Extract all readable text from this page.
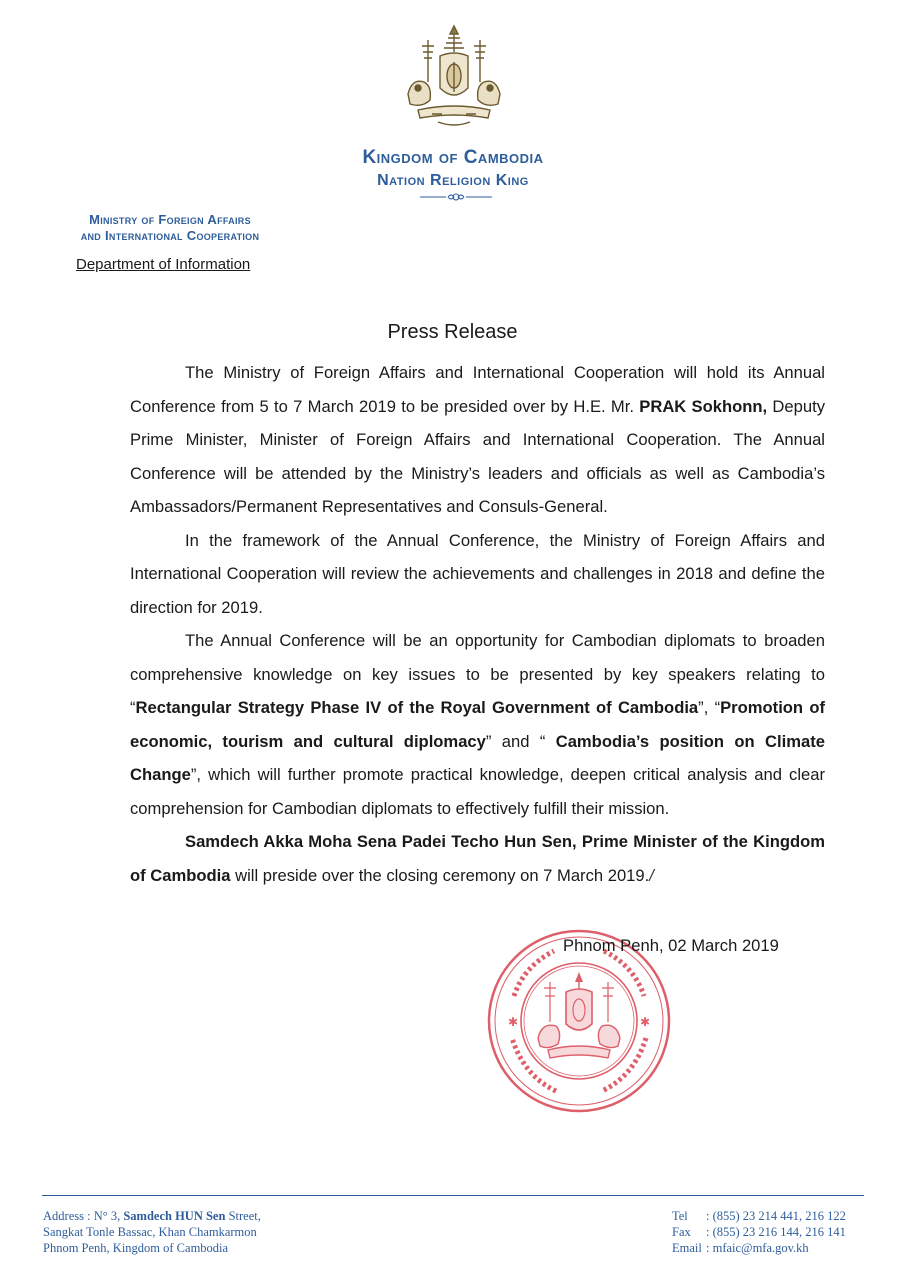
Kingdom of Cambodia
Nation Religion King
Ministry of Foreign Affairs
and International Cooperation
Department of Information
Press Release

The Ministry of Foreign Affairs and International Cooperation will hold its Annual Conference from 5 to 7 March 2019 to be presided over by H.E. Mr. PRAK Sokhonn, Deputy Prime Minister, Minister of Foreign Affairs and International Cooperation. The Annual Conference will be attended by the Ministry’s leaders and officials as well as Cambodia’s Ambassadors/Permanent Representatives and Consuls-General.

In the framework of the Annual Conference, the Ministry of Foreign Affairs and International Cooperation will review the achievements and challenges in 2018 and define the direction for 2019.

The Annual Conference will be an opportunity for Cambodian diplomats to broaden comprehensive knowledge on key issues to be presented by key speakers relating to “Rectangular Strategy Phase IV of the Royal Government of Cambodia”, “Promotion of economic, tourism and cultural diplomacy” and “ Cambodia’s position on Climate Change”, which will further promote practical knowledge, deepen critical analysis and clear comprehension for Cambodian diplomats to effectively fulfill their mission.

Samdech Akka Moha Sena Padei Techo Hun Sen, Prime Minister of the Kingdom of Cambodia will preside over the closing ceremony on 7 March 2019./

✱	✱
Phnom Penh, 02 March 2019
Address : N° 3, Samdech HUN Sen Street,
Sangkat Tonle Bassac, Khan Chamkarmon
Phnom Penh, Kingdom of Cambodia
Tel : (855) 23 214 441, 216 122
Fax : (855) 23 216 144, 216 141
Email : mfaic@mfa.gov.kh
